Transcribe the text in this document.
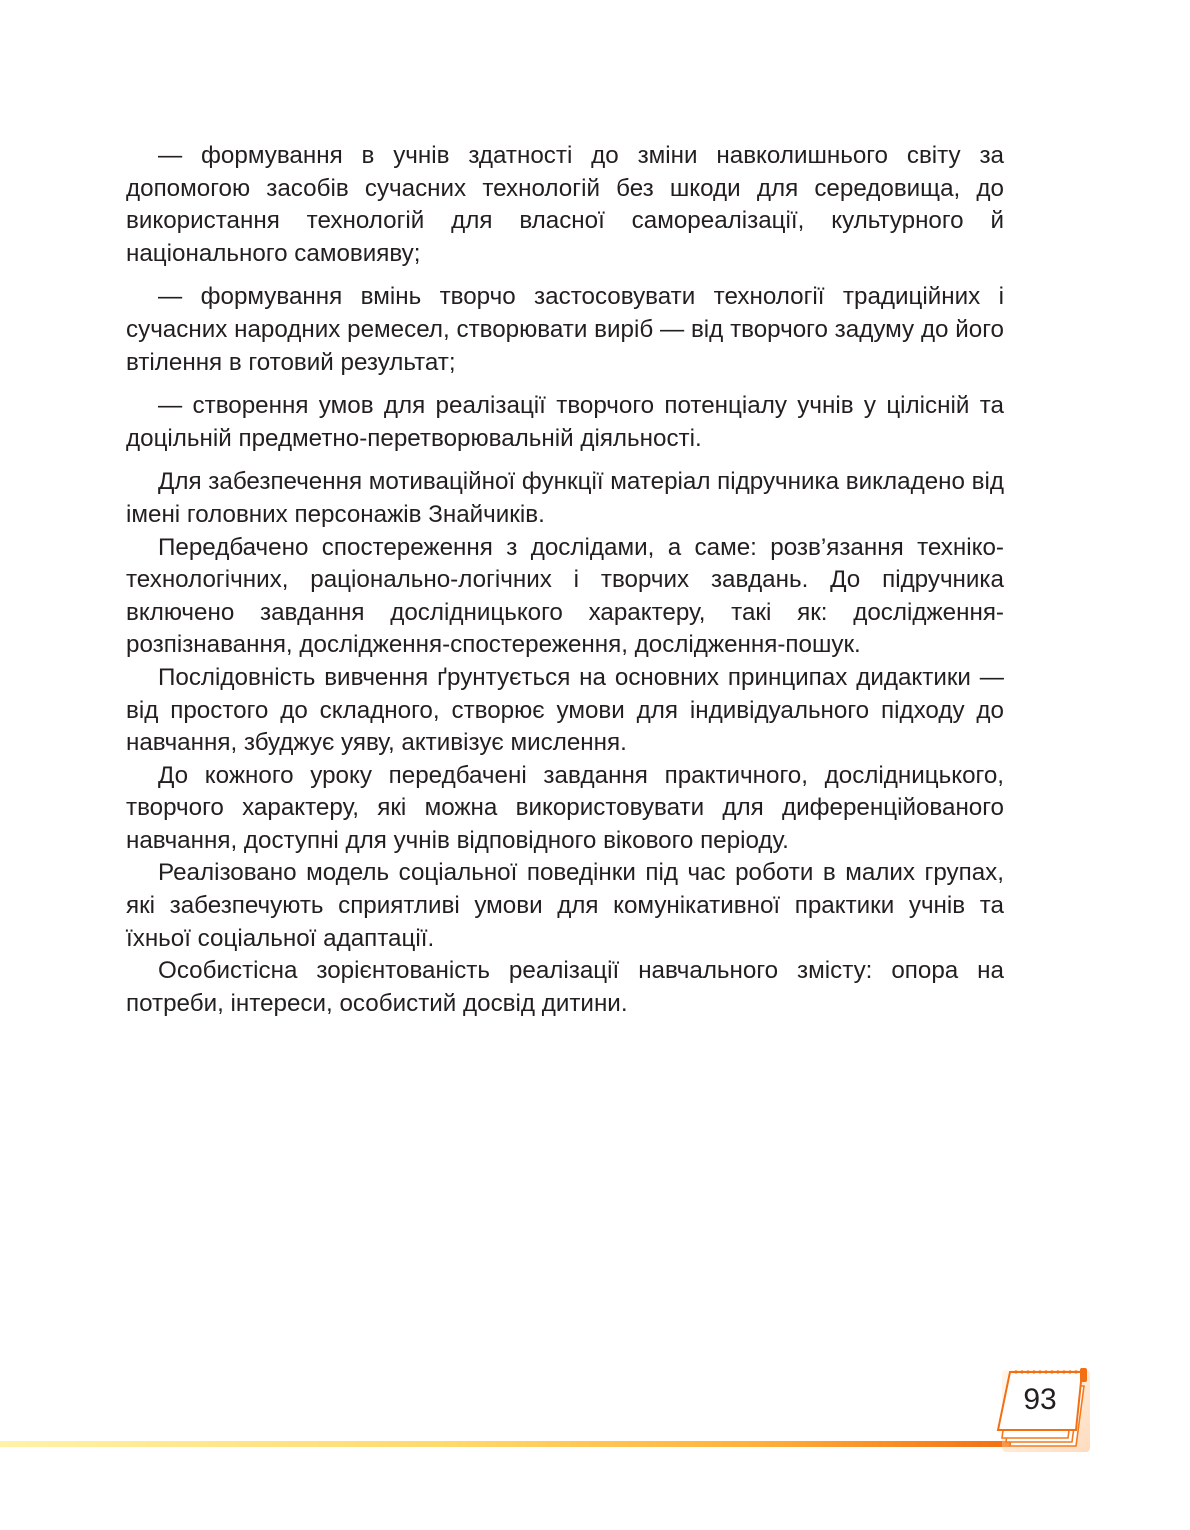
— формування в учнів здатності до зміни навколишнього світу за допомогою засобів сучасних технологій без шкоди для середовища, до використання технологій для власної самореалізації, культурного й національного самовияву;

— формування вмінь творчо застосовувати технології традиційних і сучасних народних ремесел, створювати виріб — від творчого задуму до його втілення в готовий результат;

— створення умов для реалізації творчого потенціалу учнів у цілісній та доцільній предметно-перетворювальній діяльності.

Для забезпечення мотиваційної функції матеріал підручника викладено від імені головних персонажів Знайчиків.

Передбачено спостереження з дослідами, а саме: розв’язання техніко-технологічних, раціонально-логічних і творчих завдань. До підручника включено завдання дослідницького характеру, такі як: дослідження-розпізнавання, дослідження-спостереження, дослідження-пошук.

Послідовність вивчення ґрунтується на основних принципах дидактики — від простого до складного, створює умови для індивідуального підходу до навчання, збуджує уяву, активізує мислення.

До кожного уроку передбачені завдання практичного, дослідницького, творчого характеру, які можна використовувати для диференційованого навчання, доступні для учнів відповідного вікового періоду.

Реалізовано модель соціальної поведінки під час роботи в малих групах, які забезпечують сприятливі умови для комунікативної практики учнів та їхньої соціальної адаптації.

Особистісна зорієнтованість реалізації навчального змісту: опора на потреби, інтереси, особистий досвід дитини.

93
